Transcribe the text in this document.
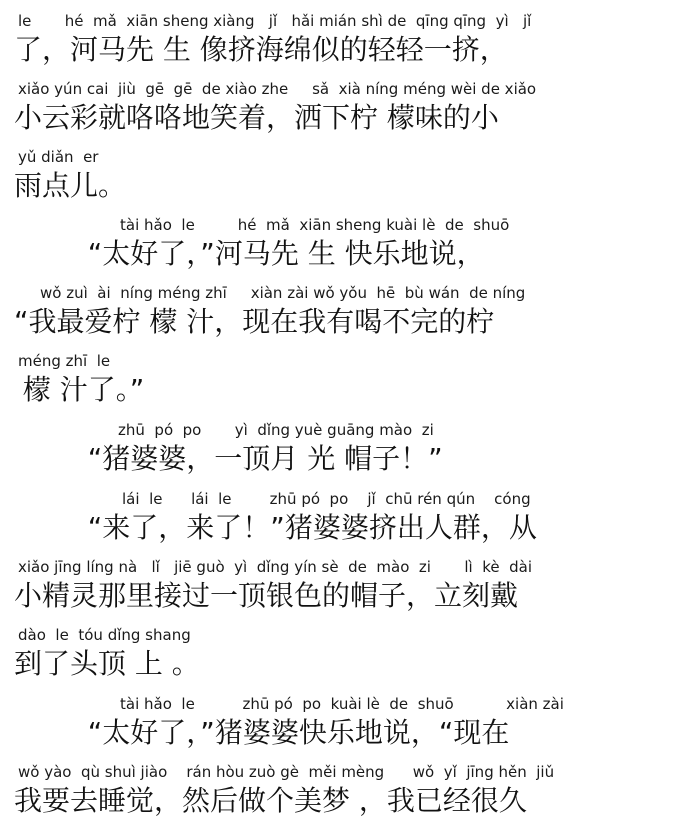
le       hé  mǎ  xiān sheng xiàng   jǐ   hǎi mián shì de  qīng qīng  yì   jǐ
了，河马先 生 像挤海绵似的轻轻一挤，
xiǎo yún cai  jiù  gē  gē  de xiào zhe     sǎ  xià níng méng wèi de xiǎo
小云彩就咯咯地笑着，洒下柠 檬味的小
yǔ diǎn  er
雨点儿。
tài hǎo  le         hé  mǎ  xiān sheng kuài lè  de  shuō
“太好了，”河马先 生 快乐地说，
wǒ zuì  ài  níng méng zhī     xiàn zài wǒ yǒu  hē  bù wán  de níng
“我最爱柠 檬 汁，现在我有喝不完的柠
méng zhī  le
檬 汁了。”
zhū  pó  po       yì  dǐng yuè guāng mào  zi
“猪婆婆，一顶月 光 帽子！”
lái  le      lái  le        zhū pó  po    jǐ  chū rén qún    cóng
“来了，来了！”猪婆婆挤出人群，从
xiǎo jīng líng nà   lǐ   jiē guò  yì  dǐng yín sè  de  mào  zi       lì  kè  dài
小精灵那里接过一顶银色的帽子，立刻戴
dào  le  tóu dǐng shang
到了头顶 上 。
tài hǎo  le          zhū pó  po  kuài lè  de  shuō           xiàn zài
“太好了，”猪婆婆快乐地说，“现在
wǒ yào  qù shuì jiào    rán hòu zuò gè  měi mèng      wǒ  yǐ  jīng hěn  jiǔ
我要去睡觉，然后做个美梦 ，我已经很久
